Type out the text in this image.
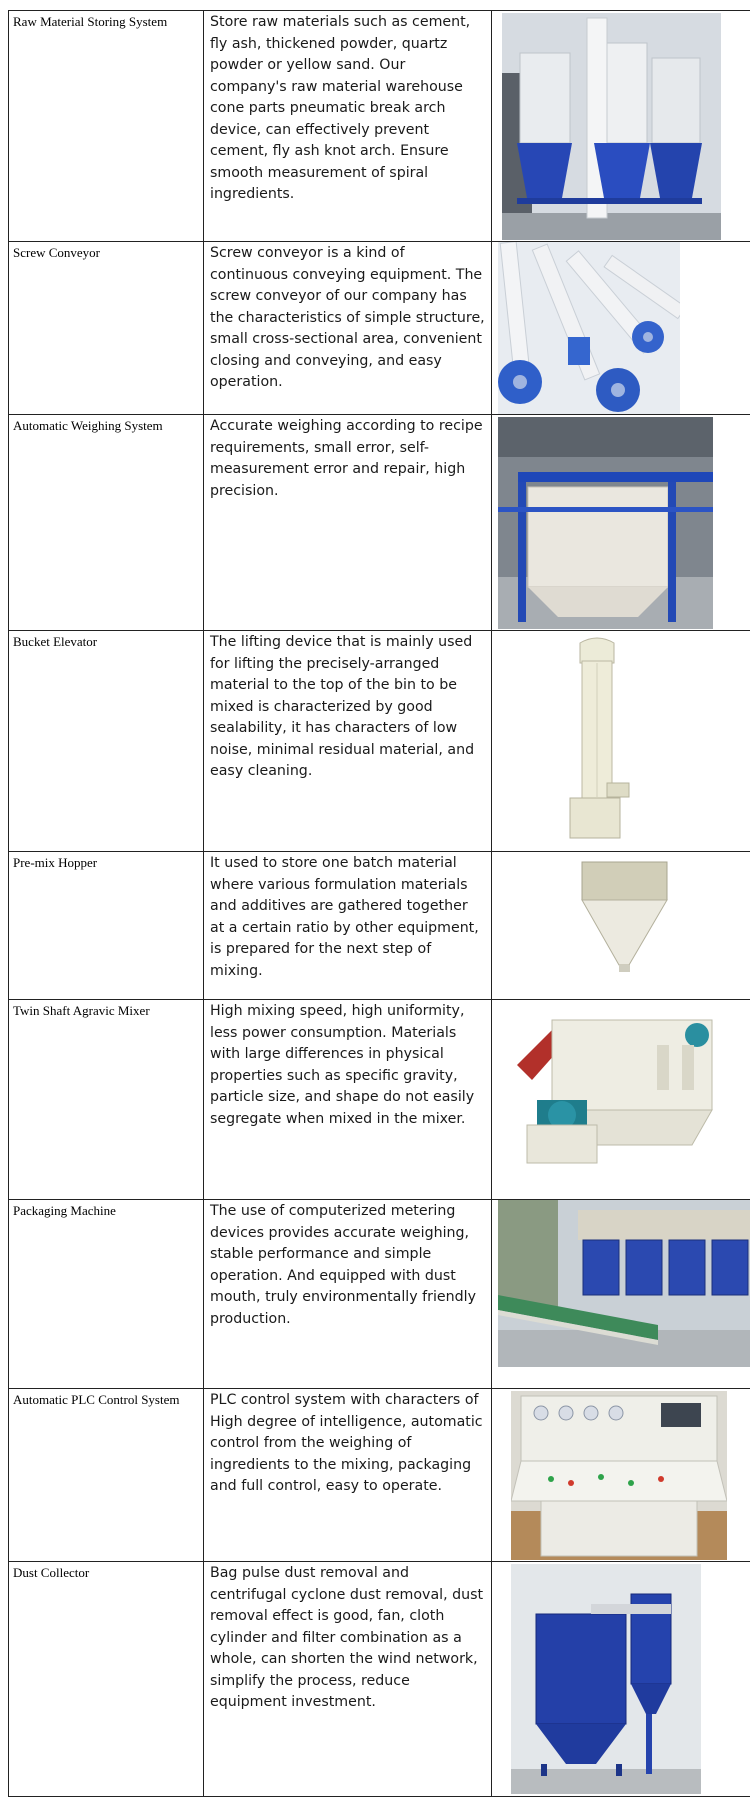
Raw Material Storing System	Store raw materials such as cement, fly ash, thickened powder, quartz powder or yellow sand. Our company's raw material warehouse cone parts pneumatic break arch device, can effectively prevent cement, fly ash knot arch. Ensure smooth measurement of spiral ingredients.	

Screw Conveyor	Screw conveyor is a kind of continuous conveying equipment. The screw conveyor of our company has the characteristics of simple structure, small cross-sectional area, convenient closing and conveying, and easy operation.	

Automatic Weighing System	Accurate weighing according to recipe requirements, small error, self-measurement error and repair, high precision.	

Bucket Elevator	The lifting device that is mainly used for lifting the precisely-arranged material to the top of the bin to be mixed is characterized by good sealability, it has characters of low noise, minimal residual material, and easy cleaning.	

Pre-mix Hopper	It used to store one batch material where various formulation materials and additives are gathered together at a certain ratio by other equipment, is prepared for the next step of mixing.	

Twin Shaft Agravic Mixer	High mixing speed, high uniformity, less power consumption. Materials with large differences in physical properties such as specific gravity, particle size, and shape do not easily segregate when mixed in the mixer.	

Packaging Machine	The use of computerized metering devices provides accurate weighing, stable performance and simple operation. And equipped with dust mouth, truly environmentally friendly production.	

Automatic PLC Control System	PLC control system with characters of High degree of intelligence, automatic control from the weighing of ingredients to the mixing, packaging and full control, easy to operate.	

Dust Collector	Bag pulse dust removal and centrifugal cyclone dust removal, dust removal effect is good, fan, cloth cylinder and filter combination as a whole, can shorten the wind network, simplify the process, reduce equipment investment.	
